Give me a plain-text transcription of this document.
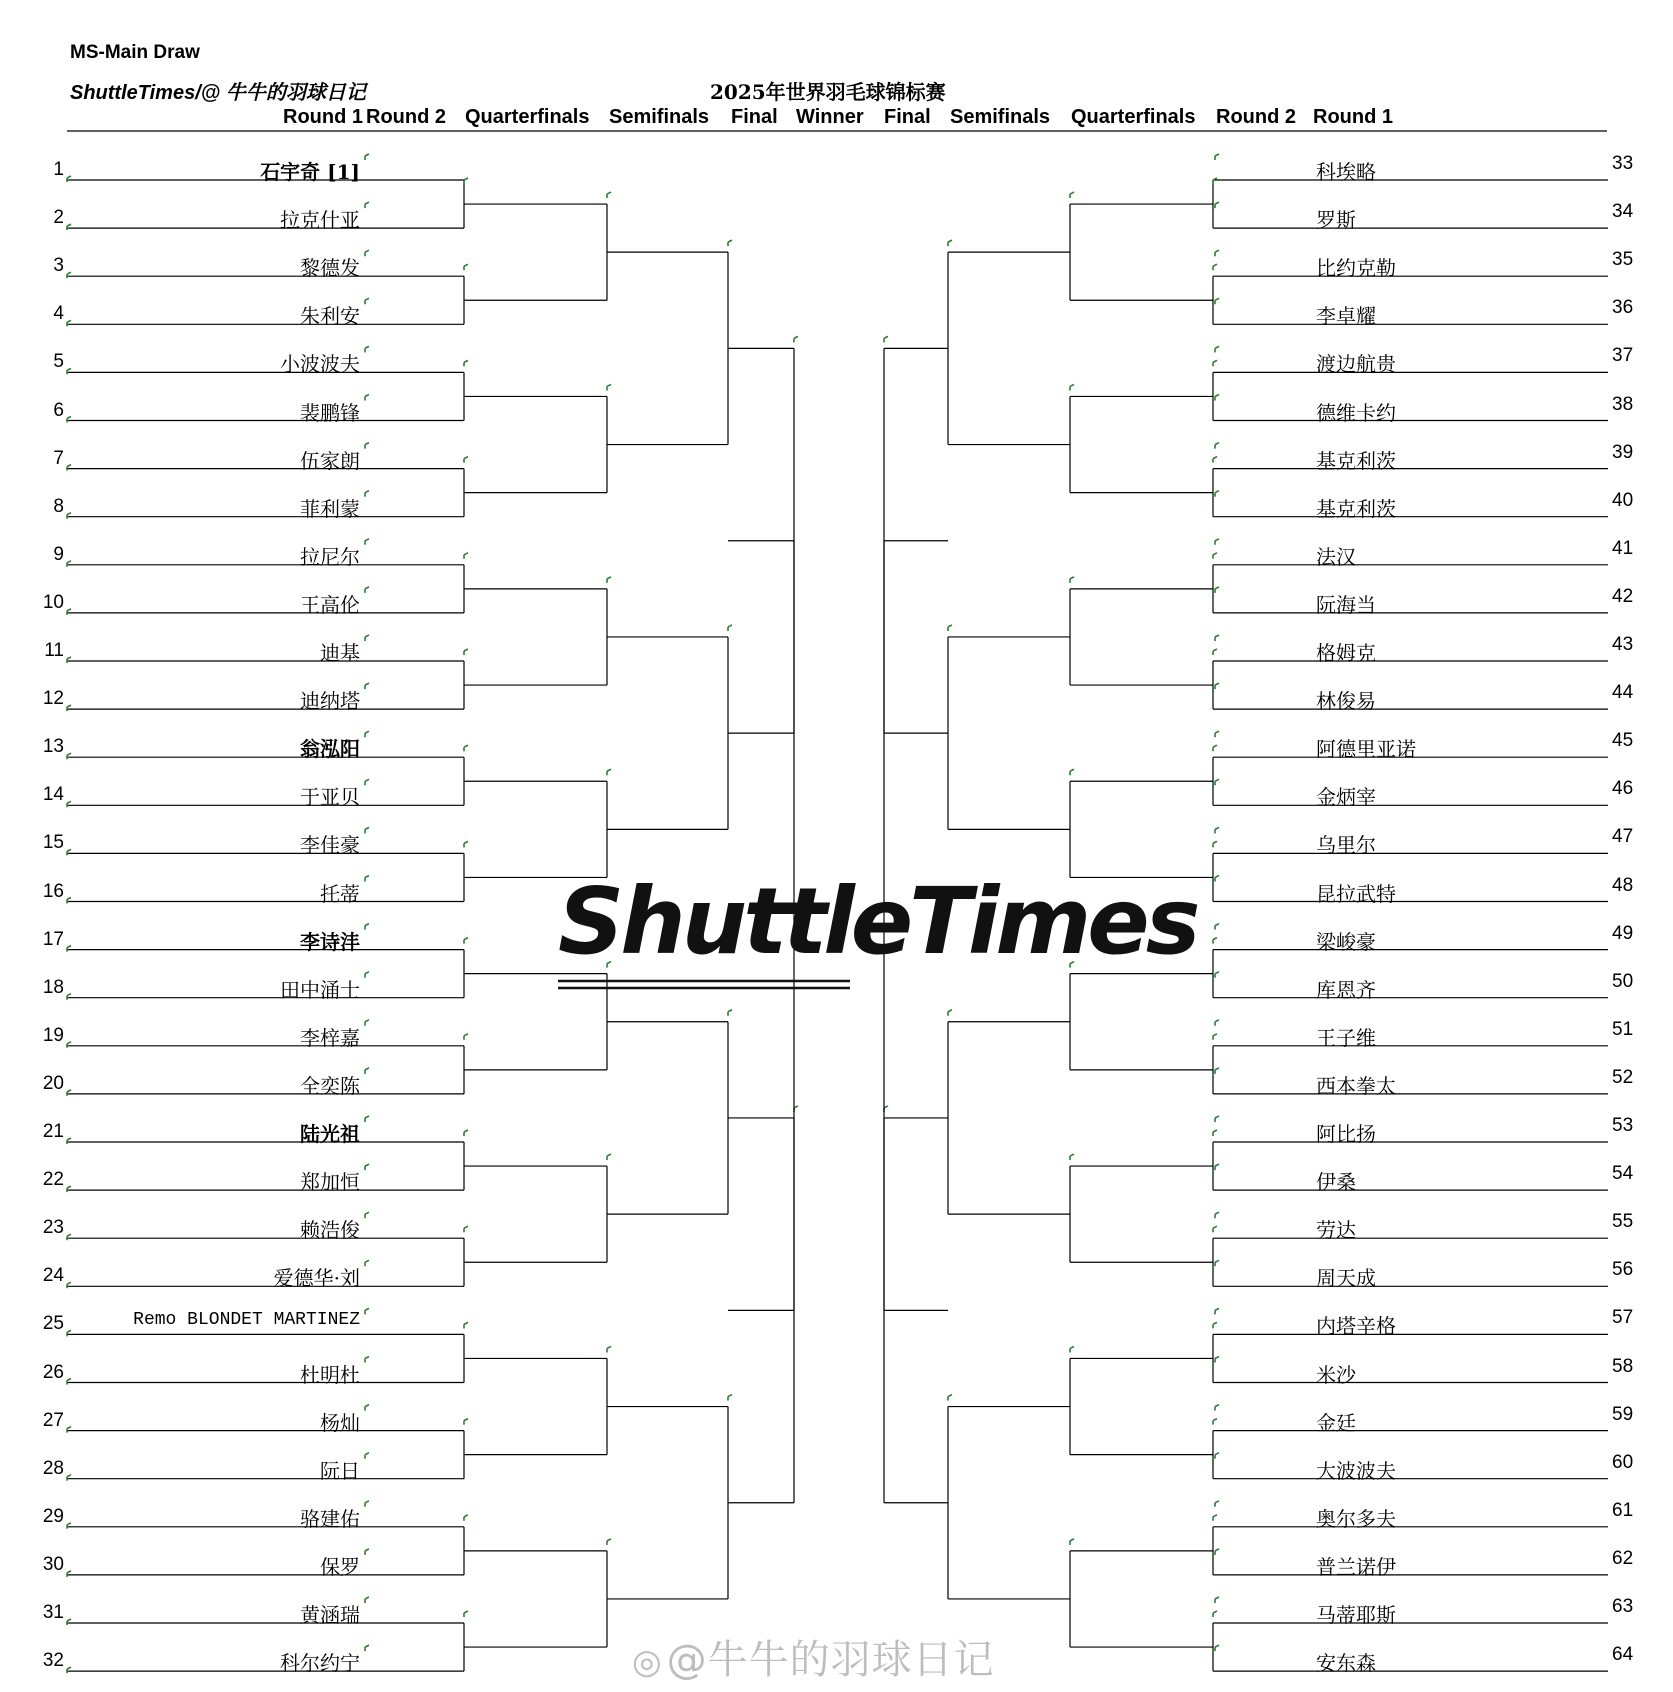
MS-Main Draw
ShuttleTimes/@ 牛牛的羽球日记	2025年世界羽毛球锦标赛
Round 1 Round 2 Quarterfinals Semifinals Final Winner Final Semifinals Quarterfinals Round 2 Round 1
1	石宇奇 [1]
2	拉克什亚
3	黎德发
4	朱利安
5	小波波夫
6	裴鹏锋
7	伍家朗
8	菲利蒙
9	拉尼尔
10	王高伦
11	迪基
12	迪纳塔
13	翁泓阳
14	于亚贝
15	李佳豪
16	托蒂
17	李诗沣
18	田中涌士
19	李梓嘉
20	全奕陈
21	陆光祖
22	郑加恒
23	赖浩俊
24	爱德华·刘
25	Remo BLONDET MARTINEZ
26	杜明杜
27	杨灿
28	阮日
29	骆建佑
30	保罗
31	黄涵瑞
32	科尔约宁
科埃略	33
罗斯	34
比约克勒	35
李卓耀	36
渡边航贵	37
德维卡约	38
基克利茨	39
基克利茨	40
法汉	41
阮海当	42
格姆克	43
林俊易	44
阿德里亚诺	45
金炳宰	46
乌里尔	47
昆拉武特	48
梁峻豪	49
库恩齐	50
王子维	51
西本拳太	52
阿比扬	53
伊桑	54
劳达	55
周天成	56
内塔辛格	57
米沙	58
金廷	59
大波波夫	60
奥尔多夫	61
普兰诺伊	62
马蒂耶斯	63
安东森	64
ShuttleTimes
◎ @牛牛的羽球日记
